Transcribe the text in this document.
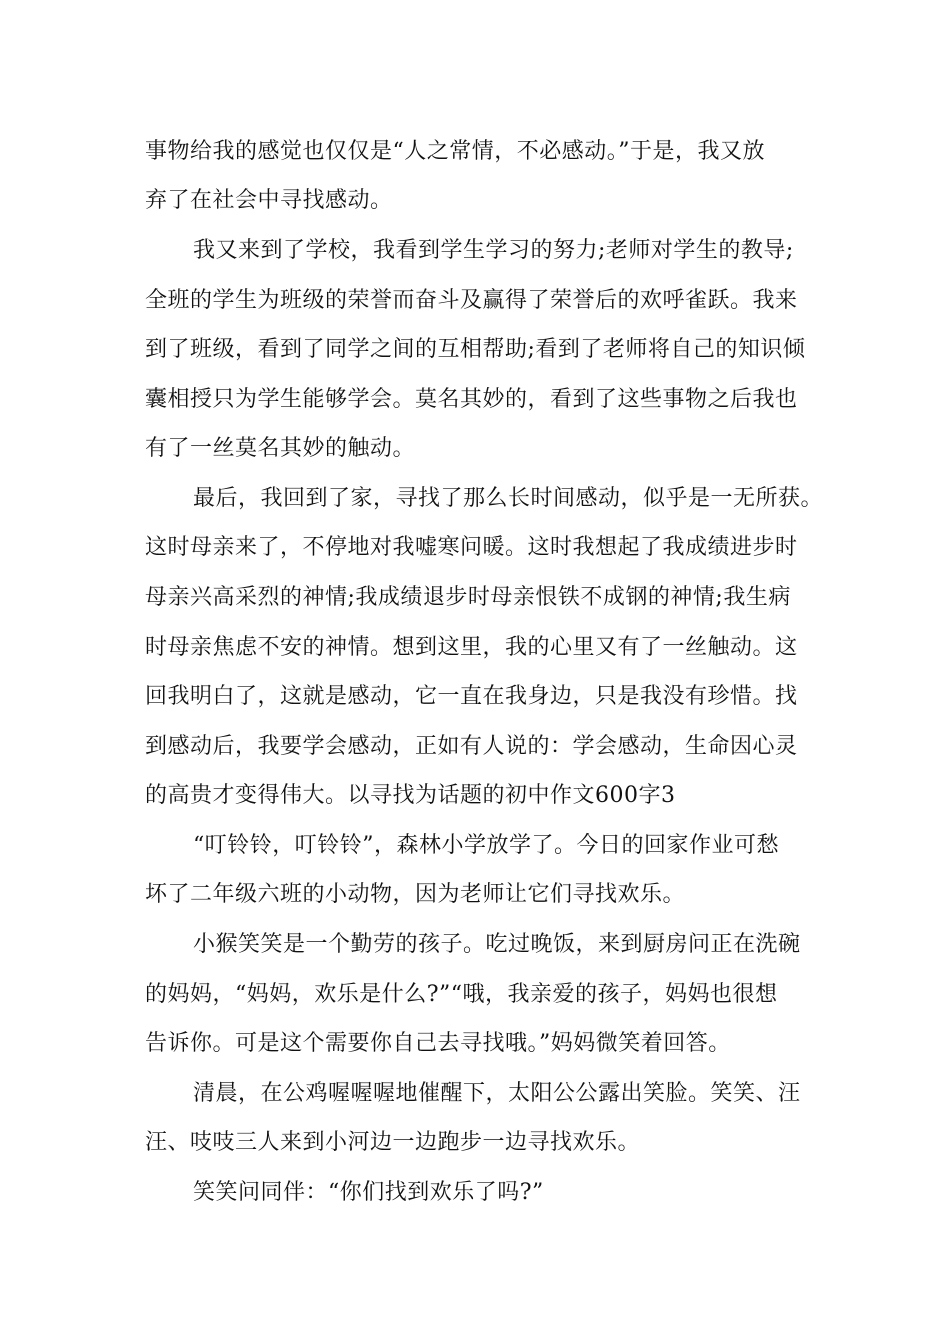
事物给我的感觉也仅仅是“人之常情，不必感动。”于是，我又放
弃了在社会中寻找感动。
我又来到了学校，我看到学生学习的努力;老师对学生的教导;
全班的学生为班级的荣誉而奋斗及赢得了荣誉后的欢呼雀跃。我来
到了班级，看到了同学之间的互相帮助;看到了老师将自己的知识倾
囊相授只为学生能够学会。莫名其妙的，看到了这些事物之后我也
有了一丝莫名其妙的触动。
最后，我回到了家，寻找了那么长时间感动，似乎是一无所获。
这时母亲来了，不停地对我嘘寒问暖。这时我想起了我成绩进步时
母亲兴高采烈的神情;我成绩退步时母亲恨铁不成钢的神情;我生病
时母亲焦虑不安的神情。想到这里，我的心里又有了一丝触动。这
回我明白了，这就是感动，它一直在我身边，只是我没有珍惜。找
到感动后，我要学会感动，正如有人说的：学会感动，生命因心灵
的高贵才变得伟大。以寻找为话题的初中作文600字3
“叮铃铃，叮铃铃”，森林小学放学了。今日的回家作业可愁
坏了二年级六班的小动物，因为老师让它们寻找欢乐。
小猴笑笑是一个勤劳的孩子。吃过晚饭，来到厨房问正在洗碗
的妈妈，“妈妈，欢乐是什么?”“哦，我亲爱的孩子，妈妈也很想
告诉你。可是这个需要你自己去寻找哦。”妈妈微笑着回答。
清晨，在公鸡喔喔喔地催醒下，太阳公公露出笑脸。笑笑、汪
汪、吱吱三人来到小河边一边跑步一边寻找欢乐。
笑笑问同伴：“你们找到欢乐了吗?”
